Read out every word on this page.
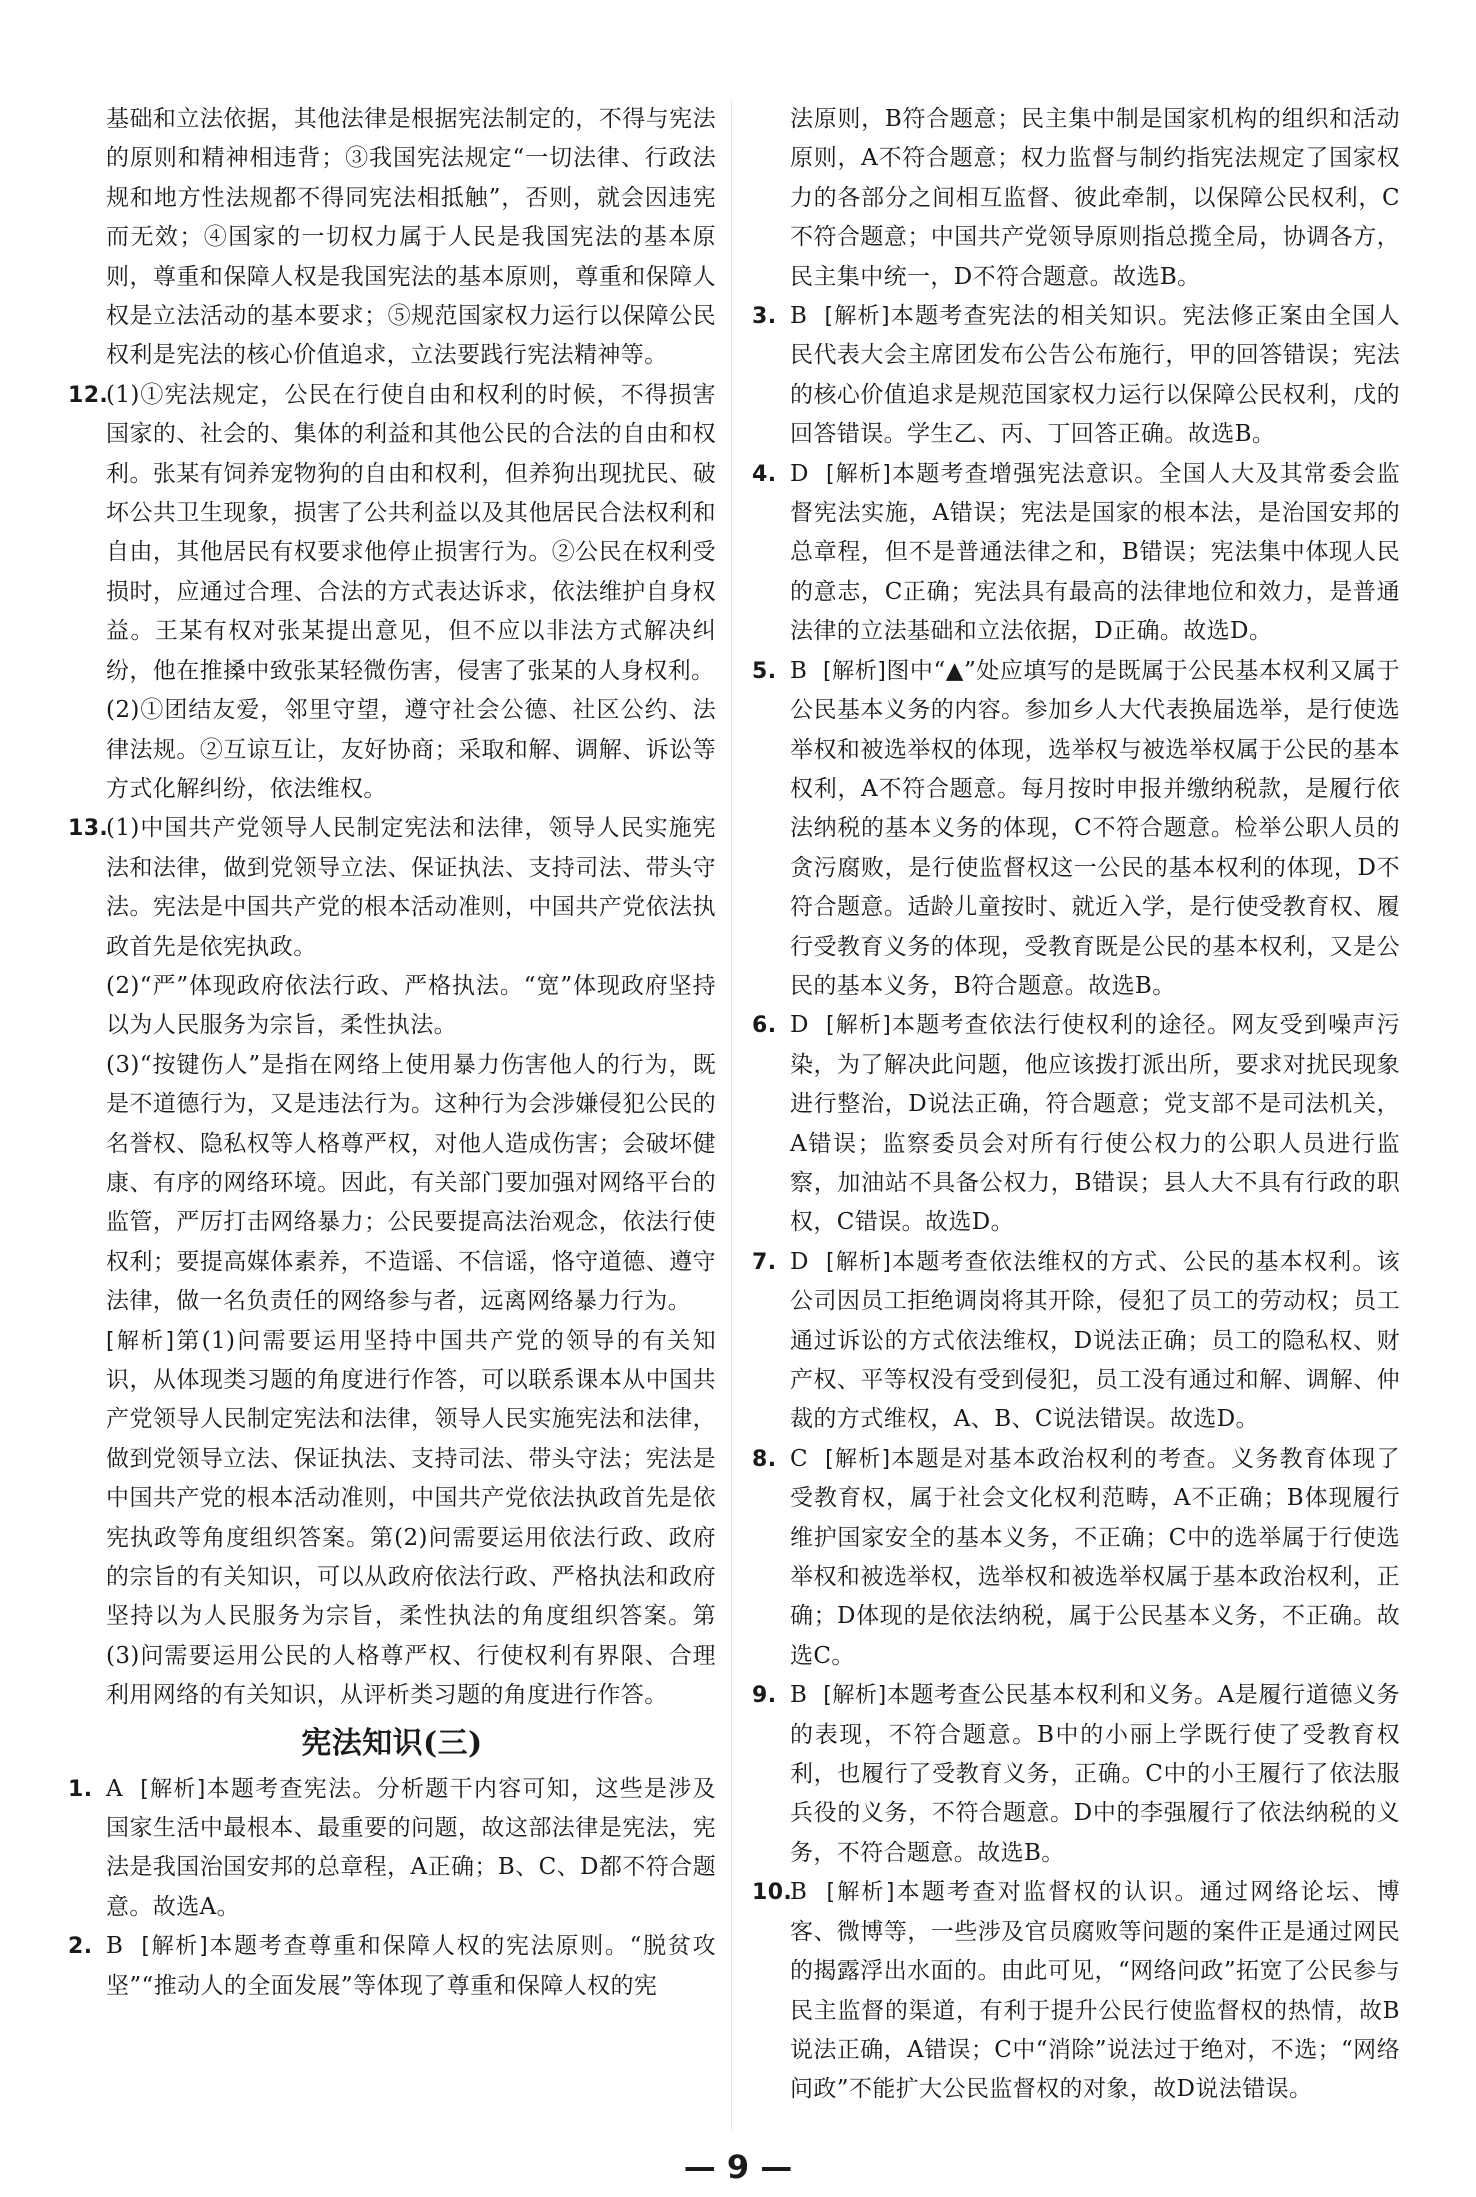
基础和立法依据，其他法律是根据宪法制定的，不得与宪法的原则和精神相违背；③我国宪法规定“一切法律、行政法规和地方性法规都不得同宪法相抵触”，否则，就会因违宪而无效；④国家的一切权力属于人民是我国宪法的基本原则，尊重和保障人权是我国宪法的基本原则，尊重和保障人权是立法活动的基本要求；⑤规范国家权力运行以保障公民权利是宪法的核心价值追求，立法要践行宪法精神等。

12.

(1)①宪法规定，公民在行使自由和权利的时候，不得损害国家的、社会的、集体的利益和其他公民的合法的自由和权利。张某有饲养宠物狗的自由和权利，但养狗出现扰民、破坏公共卫生现象，损害了公共利益以及其他居民合法权利和自由，其他居民有权要求他停止损害行为。②公民在权利受损时，应通过合理、合法的方式表达诉求，依法维护自身权益。王某有权对张某提出意见，但不应以非法方式解决纠纷，他在推搡中致张某轻微伤害，侵害了张某的人身权利。

(2)①团结友爱，邻里守望，遵守社会公德、社区公约、法律法规。②互谅互让，友好协商；采取和解、调解、诉讼等方式化解纠纷，依法维权。

13.

(1)中国共产党领导人民制定宪法和法律，领导人民实施宪法和法律，做到党领导立法、保证执法、支持司法、带头守法。宪法是中国共产党的根本活动准则，中国共产党依法执政首先是依宪执政。

(2)“严”体现政府依法行政、严格执法。“宽”体现政府坚持以为人民服务为宗旨，柔性执法。

(3)“按键伤人”是指在网络上使用暴力伤害他人的行为，既是不道德行为，又是违法行为。这种行为会涉嫌侵犯公民的名誉权、隐私权等人格尊严权，对他人造成伤害；会破坏健康、有序的网络环境。因此，有关部门要加强对网络平台的监管，严厉打击网络暴力；公民要提高法治观念，依法行使权利；要提高媒体素养，不造谣、不信谣，恪守道德、遵守法律，做一名负责任的网络参与者，远离网络暴力行为。

[解析]第(1)问需要运用坚持中国共产党的领导的有关知识，从体现类习题的角度进行作答，可以联系课本从中国共产党领导人民制定宪法和法律，领导人民实施宪法和法律，做到党领导立法、保证执法、支持司法、带头守法；宪法是中国共产党的根本活动准则，中国共产党依法执政首先是依宪执政等角度组织答案。第(2)问需要运用依法行政、政府的宗旨的有关知识，可以从政府依法行政、严格执法和政府坚持以为人民服务为宗旨，柔性执法的角度组织答案。第(3)问需要运用公民的人格尊严权、行使权利有界限、合理利用网络的有关知识，从评析类习题的角度进行作答。

宪法知识(三)
1. A [解析]本题考查宪法。分析题干内容可知，这些是涉及国家生活中最根本、最重要的问题，故这部法律是宪法，宪法是我国治国安邦的总章程，A正确；B、C、D都不符合题意。故选A。

2. B [解析]本题考查尊重和保障人权的宪法原则。“脱贫攻坚”“推动人的全面发展”等体现了尊重和保障人权的宪

法原则，B符合题意；民主集中制是国家机构的组织和活动原则，A不符合题意；权力监督与制约指宪法规定了国家权力的各部分之间相互监督、彼此牵制，以保障公民权利，C不符合题意；中国共产党领导原则指总揽全局，协调各方，民主集中统一，D不符合题意。故选B。

3. B [解析]本题考查宪法的相关知识。宪法修正案由全国人民代表大会主席团发布公告公布施行，甲的回答错误；宪法的核心价值追求是规范国家权力运行以保障公民权利，戊的回答错误。学生乙、丙、丁回答正确。故选B。

4. D [解析]本题考查增强宪法意识。全国人大及其常委会监督宪法实施，A错误；宪法是国家的根本法，是治国安邦的总章程，但不是普通法律之和，B错误；宪法集中体现人民的意志，C正确；宪法具有最高的法律地位和效力，是普通法律的立法基础和立法依据，D正确。故选D。

5. B [解析]图中“▲”处应填写的是既属于公民基本权利又属于公民基本义务的内容。参加乡人大代表换届选举，是行使选举权和被选举权的体现，选举权与被选举权属于公民的基本权利，A不符合题意。每月按时申报并缴纳税款，是履行依法纳税的基本义务的体现，C不符合题意。检举公职人员的贪污腐败，是行使监督权这一公民的基本权利的体现，D不符合题意。适龄儿童按时、就近入学，是行使受教育权、履行受教育义务的体现，受教育既是公民的基本权利，又是公民的基本义务，B符合题意。故选B。

6. D [解析]本题考查依法行使权利的途径。网友受到噪声污染，为了解决此问题，他应该拨打派出所，要求对扰民现象进行整治，D说法正确，符合题意；党支部不是司法机关，A错误；监察委员会对所有行使公权力的公职人员进行监察，加油站不具备公权力，B错误；县人大不具有行政的职权，C错误。故选D。

7. D [解析]本题考查依法维权的方式、公民的基本权利。该公司因员工拒绝调岗将其开除，侵犯了员工的劳动权；员工通过诉讼的方式依法维权，D说法正确；员工的隐私权、财产权、平等权没有受到侵犯，员工没有通过和解、调解、仲裁的方式维权，A、B、C说法错误。故选D。

8. C [解析]本题是对基本政治权利的考查。义务教育体现了受教育权，属于社会文化权利范畴，A不正确；B体现履行维护国家安全的基本义务，不正确；C中的选举属于行使选举权和被选举权，选举权和被选举权属于基本政治权利，正确；D体现的是依法纳税，属于公民基本义务，不正确。故选C。

9. B [解析]本题考查公民基本权利和义务。A是履行道德义务的表现，不符合题意。B中的小丽上学既行使了受教育权利，也履行了受教育义务，正确。C中的小王履行了依法服兵役的义务，不符合题意。D中的李强履行了依法纳税的义务，不符合题意。故选B。

10.

B [解析]本题考查对监督权的认识。通过网络论坛、博客、微博等，一些涉及官员腐败等问题的案件正是通过网民的揭露浮出水面的。由此可见，“网络问政”拓宽了公民参与民主监督的渠道，有利于提升公民行使监督权的热情，故B说法正确，A错误；C中“消除”说法过于绝对，不选；“网络问政”不能扩大公民监督权的对象，故D说法错误。

— 9 —
